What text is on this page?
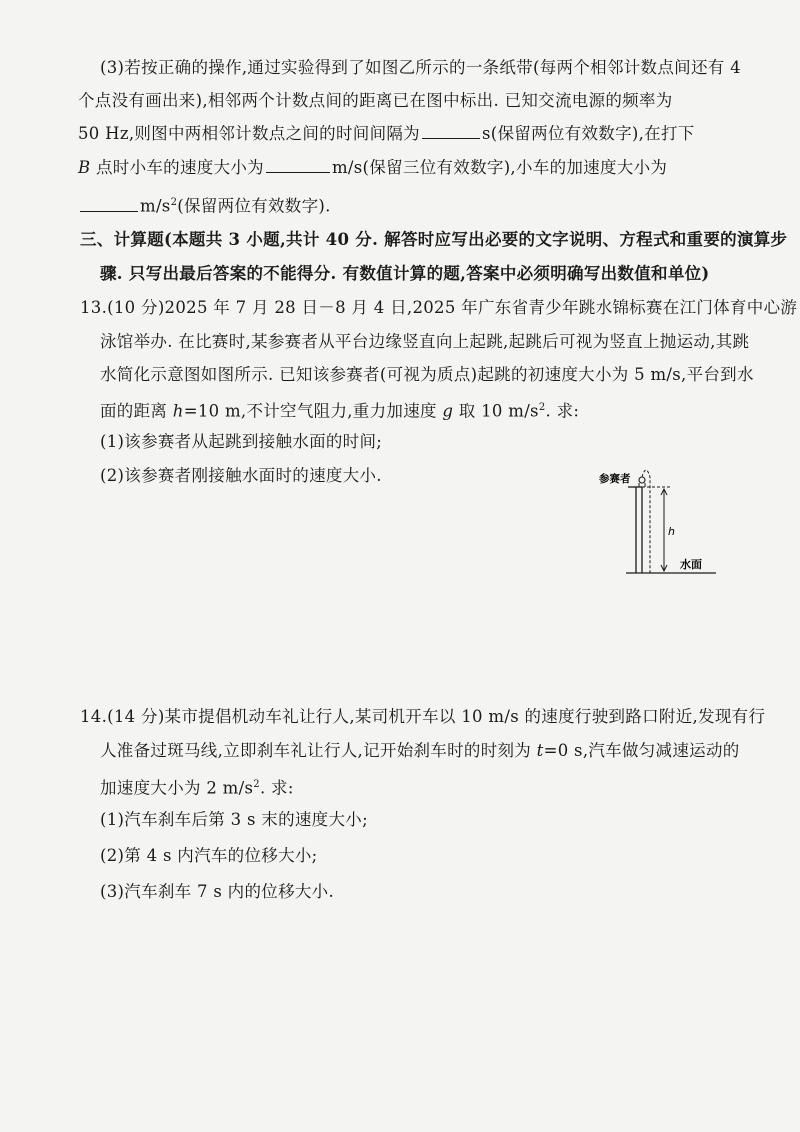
(3)若按正确的操作,通过实验得到了如图乙所示的一条纸带(每两个相邻计数点间还有 4
个点没有画出来),相邻两个计数点间的距离已在图中标出. 已知交流电源的频率为
50 Hz,则图中两相邻计数点之间的时间间隔为	s(保留两位有效数字),在打下
B 点时小车的速度大小为	m/s(保留三位有效数字),小车的加速度大小为
$m/s^2$(保留两位有效数字).
三、计算题(本题共 3 小题,共计 40 分. 解答时应写出必要的文字说明、方程式和重要的演算步
骤. 只写出最后答案的不能得分. 有数值计算的题,答案中必须明确写出数值和单位)
13.(10 分)2025 年 7 月 28 日－8 月 4 日,2025 年广东省青少年跳水锦标赛在江门体育中心游
泳馆举办. 在比赛时,某参赛者从平台边缘竖直向上起跳,起跳后可视为竖直上抛运动,其跳
水简化示意图如图所示. 已知该参赛者(可视为质点)起跳的初速度大小为 5 m/s,平台到水
面的距离 h=10 m,不计空气阻力,重力加速度 g 取 10 $m/s^2$. 求:
(1)该参赛者从起跳到接触水面的时间;
(2)该参赛者刚接触水面时的速度大小.	参赛者
h
水面
14.(14 分)某市提倡机动车礼让行人,某司机开车以 10 m/s 的速度行驶到路口附近,发现有行
人准备过斑马线,立即刹车礼让行人,记开始刹车时的时刻为 t=0 s,汽车做匀减速运动的
加速度大小为 2 $m/s^2$. 求:
(1)汽车刹车后第 3 s 末的速度大小;
(2)第 4 s 内汽车的位移大小;
(3)汽车刹车 7 s 内的位移大小.
